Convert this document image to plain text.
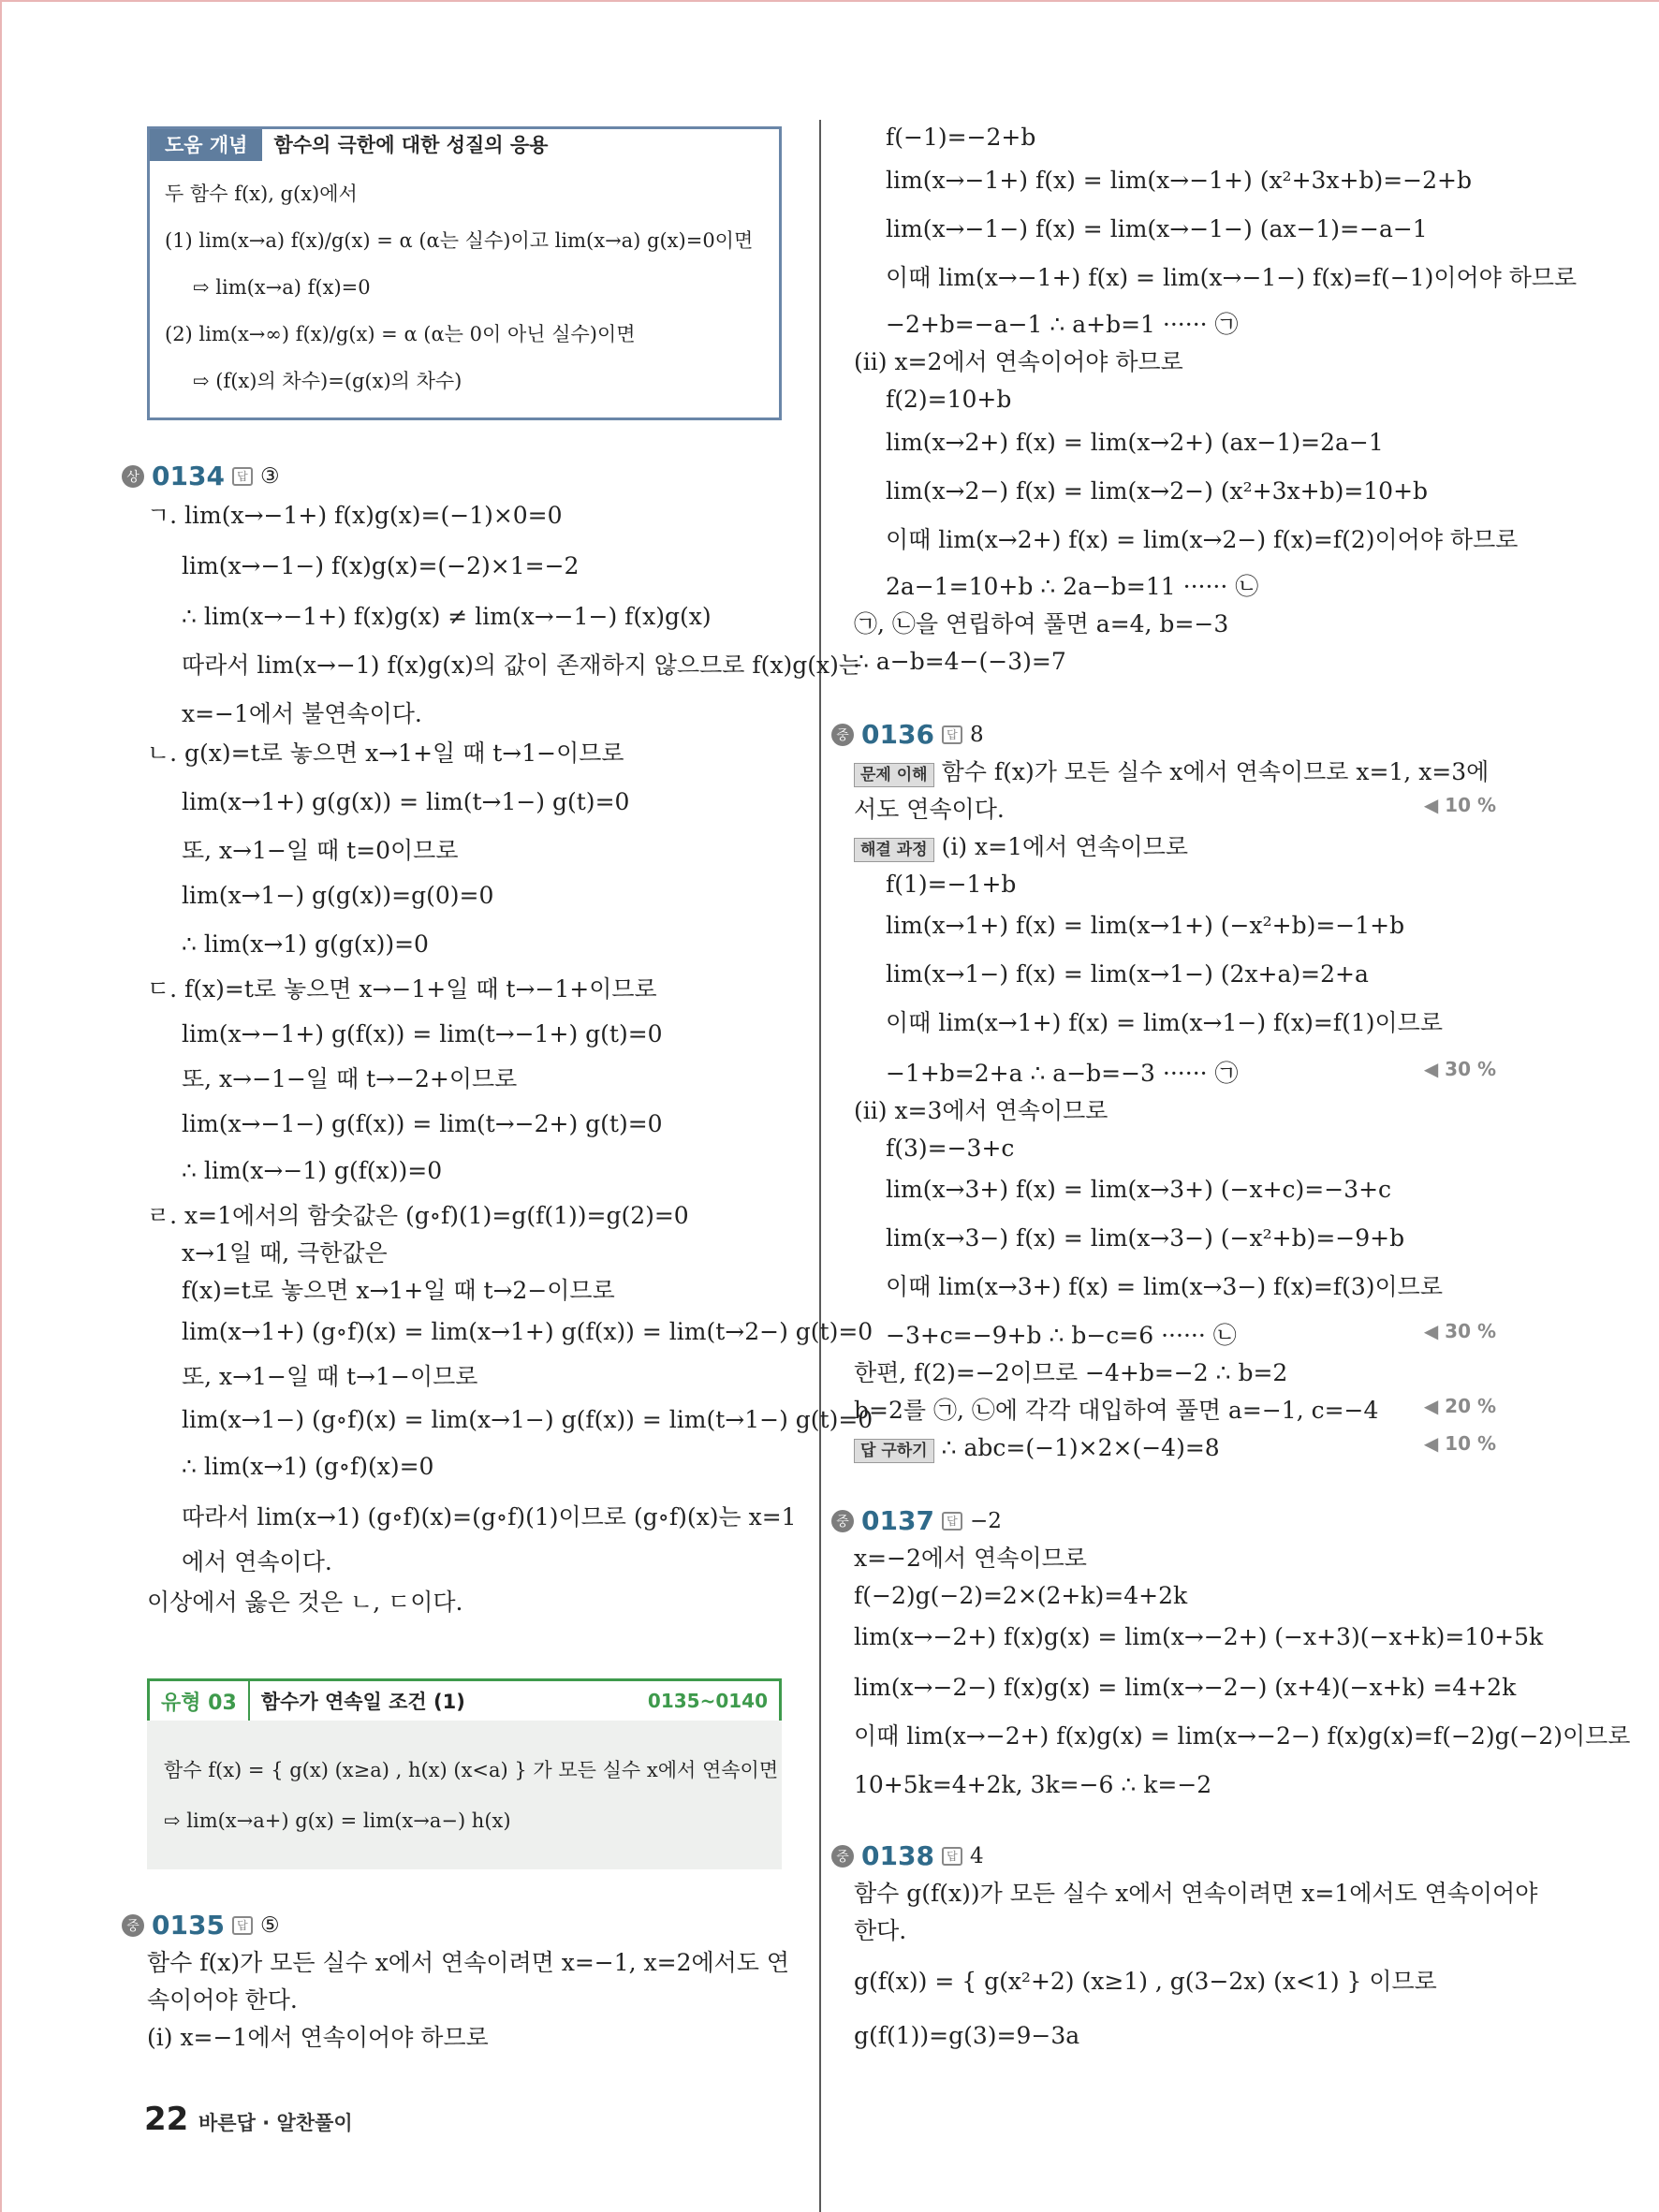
도움 개념 함수의 극한에 대한 성질의 응용
두 함수 f(x), g(x)에서
(1) lim(x→a) f(x)/g(x) = α (α는 실수)이고 lim(x→a) g(x)=0이면
⇨ lim(x→a) f(x)=0
(2) lim(x→∞) f(x)/g(x) = α (α는 0이 아닌 실수)이면
⇨ (f(x)의 차수)=(g(x)의 차수)
상 0134	답 ③
ㄱ. lim(x→−1+) f(x)g(x)=(−1)×0=0
lim(x→−1−) f(x)g(x)=(−2)×1=−2
∴ lim(x→−1+) f(x)g(x) ≠ lim(x→−1−) f(x)g(x)
따라서 lim(x→−1) f(x)g(x)의 값이 존재하지 않으므로 f(x)g(x)는
x=−1에서 불연속이다.
ㄴ. g(x)=t로 놓으면 x→1+일 때 t→1−이므로
lim(x→1+) g(g(x)) = lim(t→1−) g(t)=0
또, x→1−일 때 t=0이므로
lim(x→1−) g(g(x))=g(0)=0
∴ lim(x→1) g(g(x))=0
ㄷ. f(x)=t로 놓으면 x→−1+일 때 t→−1+이므로
lim(x→−1+) g(f(x)) = lim(t→−1+) g(t)=0
또, x→−1−일 때 t→−2+이므로
lim(x→−1−) g(f(x)) = lim(t→−2+) g(t)=0
∴ lim(x→−1) g(f(x))=0
ㄹ. x=1에서의 함숫값은 (g∘f)(1)=g(f(1))=g(2)=0
x→1일 때, 극한값은
f(x)=t로 놓으면 x→1+일 때 t→2−이므로
lim(x→1+) (g∘f)(x) = lim(x→1+) g(f(x)) = lim(t→2−) g(t)=0
또, x→1−일 때 t→1−이므로
lim(x→1−) (g∘f)(x) = lim(x→1−) g(f(x)) = lim(t→1−) g(t)=0
∴ lim(x→1) (g∘f)(x)=0
따라서 lim(x→1) (g∘f)(x)=(g∘f)(1)이므로 (g∘f)(x)는 x=1
에서 연속이다.
이상에서 옳은 것은 ㄴ, ㄷ이다.
유형 03	함수가 연속일 조건 (1)	0135~0140
함수 f(x) = { g(x) (x≥a) , h(x) (x<a) } 가 모든 실수 x에서 연속이면
⇨ lim(x→a+) g(x) = lim(x→a−) h(x)
중 0135	답 ⑤
함수 f(x)가 모든 실수 x에서 연속이려면 x=−1, x=2에서도 연
속이어야 한다.
(i) x=−1에서 연속이어야 하므로
22 바른답 · 알찬풀이
f(−1)=−2+b
lim(x→−1+) f(x) = lim(x→−1+) (x²+3x+b)=−2+b
lim(x→−1−) f(x) = lim(x→−1−) (ax−1)=−a−1
이때 lim(x→−1+) f(x) = lim(x→−1−) f(x)=f(−1)이어야 하므로
−2+b=−a−1 ∴ a+b=1 ······ ㉠
(ii) x=2에서 연속이어야 하므로
f(2)=10+b
lim(x→2+) f(x) = lim(x→2+) (ax−1)=2a−1
lim(x→2−) f(x) = lim(x→2−) (x²+3x+b)=10+b
이때 lim(x→2+) f(x) = lim(x→2−) f(x)=f(2)이어야 하므로
2a−1=10+b ∴ 2a−b=11 ······ ㉡
㉠, ㉡을 연립하여 풀면 a=4, b=−3
∴ a−b=4−(−3)=7
중 0136	답 8
문제 이해 함수 f(x)가 모든 실수 x에서 연속이므로 x=1, x=3에
서도 연속이다.	◀ 10 %
해결 과정 (i) x=1에서 연속이므로
f(1)=−1+b
lim(x→1+) f(x) = lim(x→1+) (−x²+b)=−1+b
lim(x→1−) f(x) = lim(x→1−) (2x+a)=2+a
이때 lim(x→1+) f(x) = lim(x→1−) f(x)=f(1)이므로
−1+b=2+a ∴ a−b=−3 ······ ㉠	◀ 30 %
(ii) x=3에서 연속이므로
f(3)=−3+c
lim(x→3+) f(x) = lim(x→3+) (−x+c)=−3+c
lim(x→3−) f(x) = lim(x→3−) (−x²+b)=−9+b
이때 lim(x→3+) f(x) = lim(x→3−) f(x)=f(3)이므로
−3+c=−9+b ∴ b−c=6 ······ ㉡	◀ 30 %
한편, f(2)=−2이므로 −4+b=−2 ∴ b=2
b=2를 ㉠, ㉡에 각각 대입하여 풀면 a=−1, c=−4 ◀ 20 %
답 구하기 ∴ abc=(−1)×2×(−4)=8	◀ 10 %
중 0137	답 −2
x=−2에서 연속이므로
f(−2)g(−2)=2×(2+k)=4+2k
lim(x→−2+) f(x)g(x) = lim(x→−2+) (−x+3)(−x+k)=10+5k
lim(x→−2−) f(x)g(x) = lim(x→−2−) (x+4)(−x+k) =4+2k
이때 lim(x→−2+) f(x)g(x) = lim(x→−2−) f(x)g(x)=f(−2)g(−2)이므로
10+5k=4+2k, 3k=−6 ∴ k=−2
중 0138	답 4
함수 g(f(x))가 모든 실수 x에서 연속이려면 x=1에서도 연속이어야
한다.
g(f(x)) = { g(x²+2) (x≥1) , g(3−2x) (x<1) } 이므로
g(f(1))=g(3)=9−3a
